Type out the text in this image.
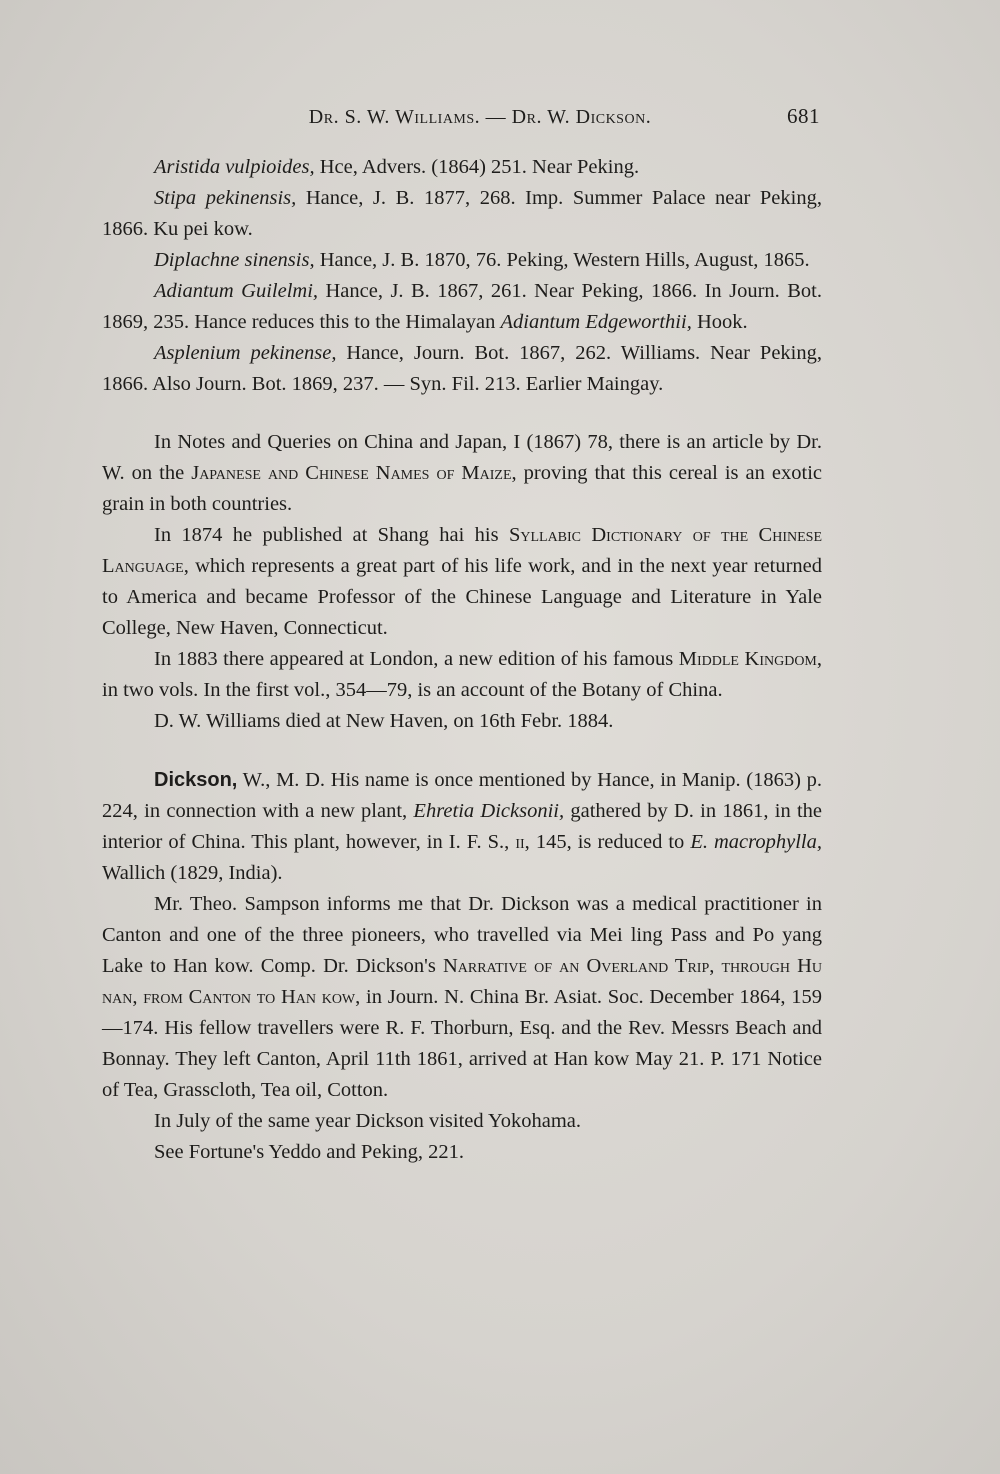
Dr. S. W. Williams. — Dr. W. Dickson.	681

Aristida vulpioides, Hce, Advers. (1864) 251. Near Peking.

Stipa pekinensis, Hance, J. B. 1877, 268. Imp. Summer Palace near Peking, 1866. Ku pei kow.

Diplachne sinensis, Hance, J. B. 1870, 76. Peking, Western Hills, August, 1865.

Adiantum Guilelmi, Hance, J. B. 1867, 261. Near Peking, 1866. In Journ. Bot. 1869, 235. Hance reduces this to the Himalayan Adiantum Edgeworthii, Hook.

Asplenium pekinense, Hance, Journ. Bot. 1867, 262. Williams. Near Peking, 1866. Also Journ. Bot. 1869, 237. — Syn. Fil. 213. Earlier Maingay.

In Notes and Queries on China and Japan, I (1867) 78, there is an article by Dr. W. on the Japanese and Chinese Names of Maize, proving that this cereal is an exotic grain in both countries.

In 1874 he published at Shang hai his Syllabic Dictionary of the Chinese Language, which represents a great part of his life work, and in the next year returned to America and became Professor of the Chinese Language and Literature in Yale College, New Haven, Connecticut.

In 1883 there appeared at London, a new edition of his famous Middle Kingdom, in two vols. In the first vol., 354—79, is an account of the Botany of China.

D. W. Williams died at New Haven, on 16th Febr. 1884.

Dickson, W., M. D. His name is once mentioned by Hance, in Manip. (1863) p. 224, in connection with a new plant, Ehretia Dicksonii, gathered by D. in 1861, in the interior of China. This plant, however, in I. F. S., ii, 145, is reduced to E. macrophylla, Wallich (1829, India).

Mr. Theo. Sampson informs me that Dr. Dickson was a medical practitioner in Canton and one of the three pioneers, who travelled via Mei ling Pass and Po yang Lake to Han kow. Comp. Dr. Dickson's Narrative of an Overland Trip, through Hu nan, from Canton to Han kow, in Journ. N. China Br. Asiat. Soc. December 1864, 159—174. His fellow travellers were R. F. Thorburn, Esq. and the Rev. Messrs Beach and Bonnay. They left Canton, April 11th 1861, arrived at Han kow May 21. P. 171 Notice of Tea, Grasscloth, Tea oil, Cotton.

In July of the same year Dickson visited Yokohama.

See Fortune's Yeddo and Peking, 221.
